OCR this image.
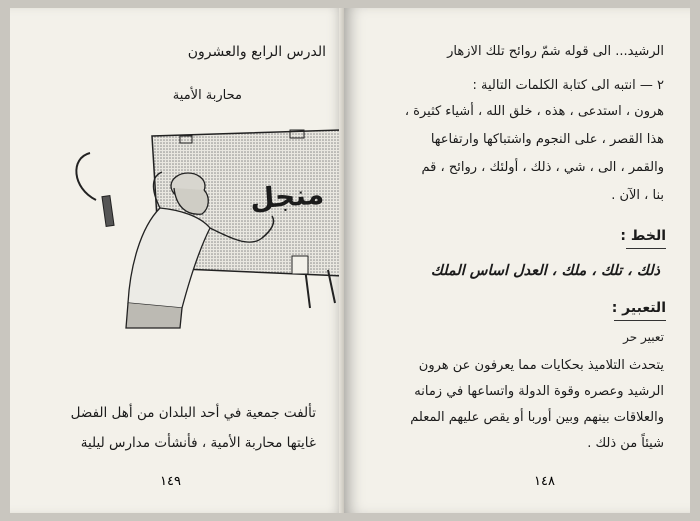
الدرس الرابع والعشرون
محاربة الأمية
منجل
تألفت جمعية في أحد البلدان من أهل الفضل
غايتها محاربة الأمية ، فأنشأت مدارس ليلية
١٤٩
الرشيد... الى قوله شمّ روائح تلك الازهار
٢ — انتبه الى كتابة الكلمات التالية :
هرون ، استدعى ، هذه ، خلق الله ، أشياء كثيرة ،
هذا القصر ، على النجوم واشتباكها وارتفاعها
والقمر ، الى ، شي ، ذلك ، أولئك ، روائح ، قم
بنا ، الآن .
الخط :
ذلك ، تلك ، ملك ، العدل اساس الملك
التعبير :
تعبير حر
يتحدث التلاميذ بحكايات مما يعرفون عن هرون
الرشيد وعصره وقوة الدولة واتساعها في زمانه
والعلاقات بينهم وبين أوربا أو يقص عليهم المعلم
شيئاً من ذلك .
١٤٨
